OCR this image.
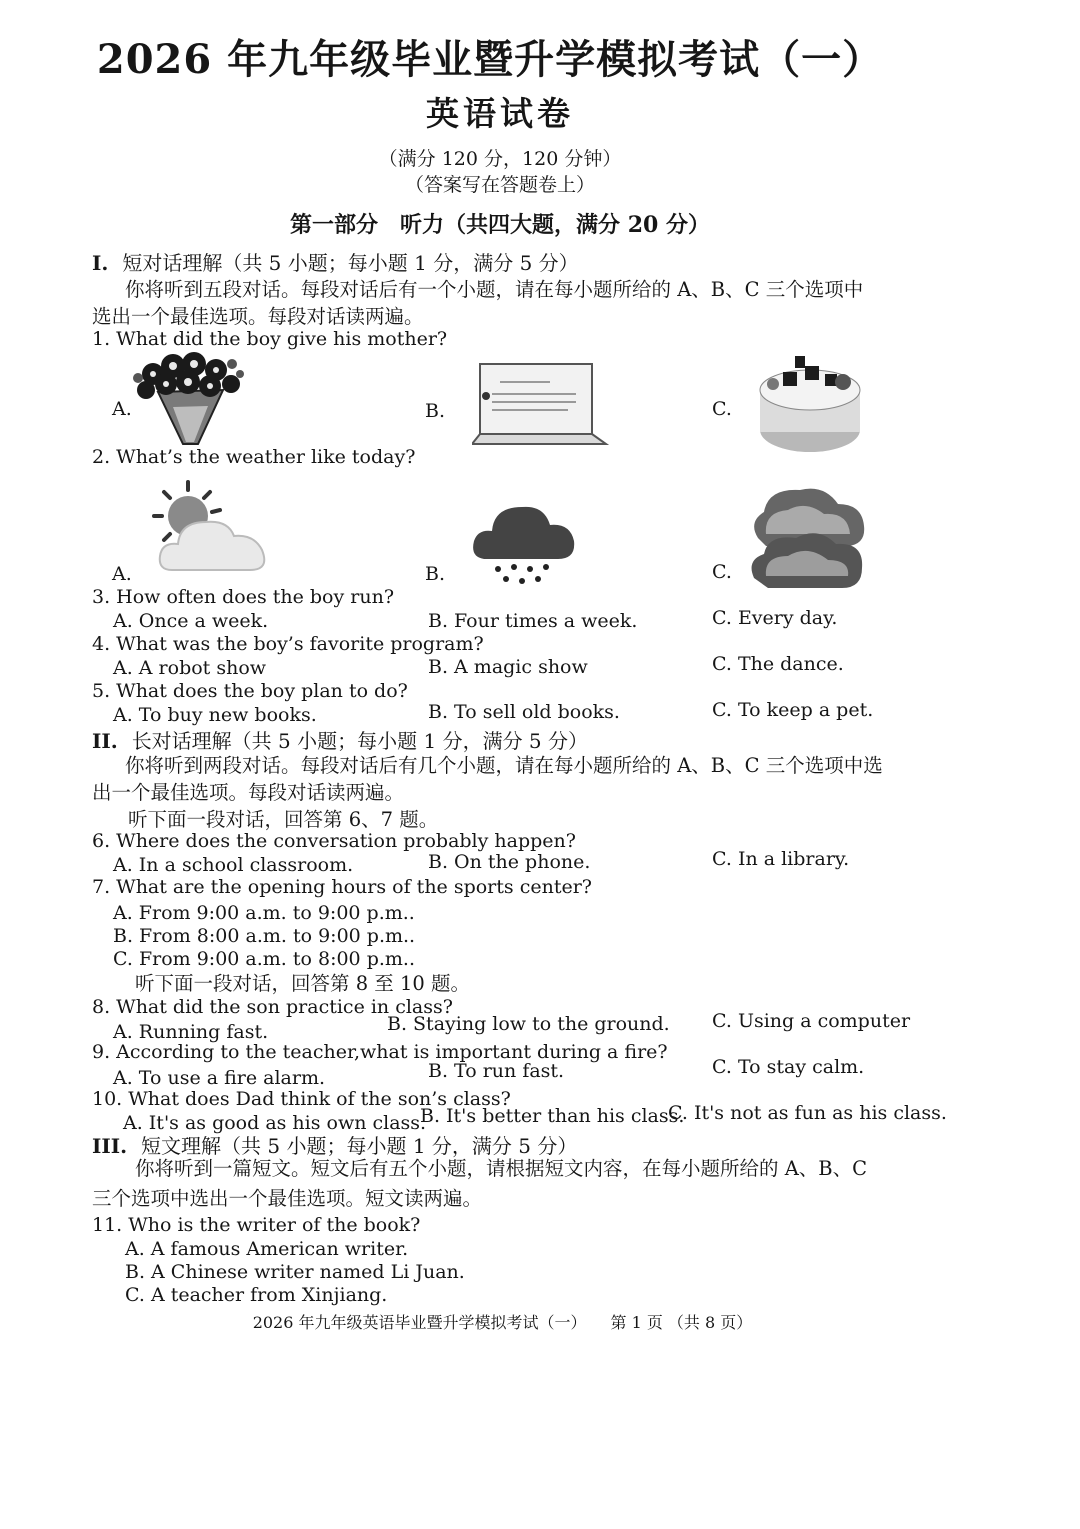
2026 年九年级毕业暨升学模拟考试（一）
英语试卷
（满分 120 分，120 分钟）
（答案写在答题卷上）
第一部分　听力（共四大题，满分 20 分）
I. 短对话理解（共 5 小题；每小题 1 分，满分 5 分）
你将听到五段对话。每段对话后有一个小题，请在每小题所给的 A、B、C 三个选项中
选出一个最佳选项。每段对话读两遍。
1. What did the boy give his mother?
A.	B.	C.
2. What’s the weather like today?
A.	B.	C.
3. How often does the boy run?
A. Once a week.	B. Four times a week.	C. Every day.
4. What was the boy’s favorite program?
A. A robot show	B. A magic show	C. The dance.
5. What does the boy plan to do?
A. To buy new books.	B. To sell old books.	C. To keep a pet.
II. 长对话理解（共 5 小题；每小题 1 分，满分 5 分）
你将听到两段对话。每段对话后有几个小题，请在每小题所给的 A、B、C 三个选项中选
出一个最佳选项。每段对话读两遍。
听下面一段对话，回答第 6、7 题。
6. Where does the conversation probably happen?
A. In a school classroom.	B. On the phone.	C. In a library.
7. What are the opening hours of the sports center?
A. From 9:00 a.m. to 9:00 p.m..
B. From 8:00 a.m. to 9:00 p.m..
C. From 9:00 a.m. to 8:00 p.m..
听下面一段对话，回答第 8 至 10 题。
8. What did the son practice in class?
A. Running fast.	B. Staying low to the ground. C. Using a computer
9. According to the teacher,what is important during a fire?
A. To use a fire alarm.	B. To run fast.	C. To stay calm.
10. What does Dad think of the son’s class?
A. It's as good as his own class.
B. It's better than his class.
C. It's not as fun as his class.
III. 短文理解（共 5 小题；每小题 1 分，满分 5 分）
你将听到一篇短文。短文后有五个小题，请根据短文内容，在每小题所给的 A、B、C
三个选项中选出一个最佳选项。短文读两遍。
11. Who is the writer of the book?
A. A famous American writer.
B. A Chinese writer named Li Juan.
C. A teacher from Xinjiang.
2026 年九年级英语毕业暨升学模拟考试（一）　　第 1 页 （共 8 页）
